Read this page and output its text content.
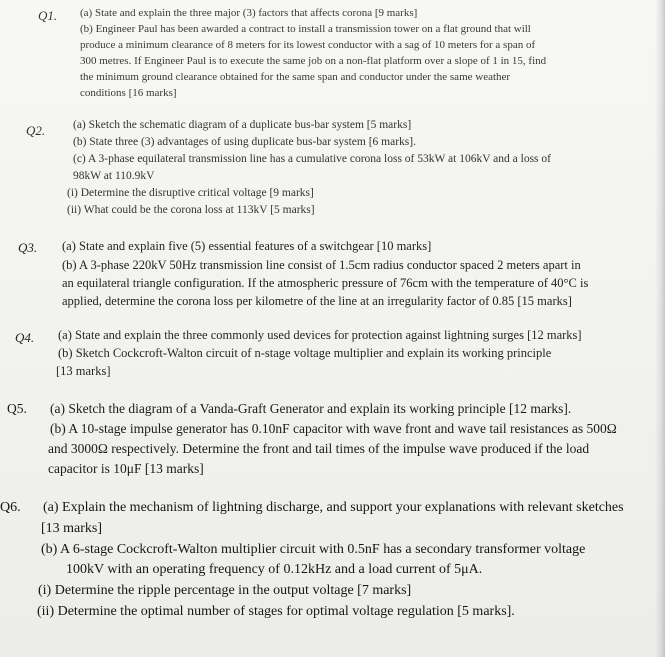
Q1. (a) State and explain the three major (3) factors that affects corona [9 marks]
(b) Engineer Paul has been awarded a contract to install a transmission tower on a flat ground that will
produce a minimum clearance of 8 meters for its lowest conductor with a sag of 10 meters for a span of
300 metres. If Engineer Paul is to execute the same job on a non-flat platform over a slope of 1 in 15, find
the minimum ground clearance obtained for the same span and conductor under the same weather
conditions [16 marks]
Q2. (a) Sketch the schematic diagram of a duplicate bus-bar system [5 marks]
(b) State three (3) advantages of using duplicate bus-bar system [6 marks].
(c) A 3-phase equilateral transmission line has a cumulative corona loss of 53kW at 106kV and a loss of
98kW at 110.9kV
(i) Determine the disruptive critical voltage [9 marks]
(ii) What could be the corona loss at 113kV [5 marks]
Q3. (a) State and explain five (5) essential features of a switchgear [10 marks]
(b) A 3-phase 220kV 50Hz transmission line consist of 1.5cm radius conductor spaced 2 meters apart in
an equilateral triangle configuration. If the atmospheric pressure of 76cm with the temperature of 40°C is
applied, determine the corona loss per kilometre of the line at an irregularity factor of 0.85 [15 marks]
Q4. (a) State and explain the three commonly used devices for protection against lightning surges [12 marks]
(b) Sketch Cockcroft-Walton circuit of n-stage voltage multiplier and explain its working principle
[13 marks]
Q5. (a) Sketch the diagram of a Vanda-Graft Generator and explain its working principle [12 marks].
(b) A 10-stage impulse generator has 0.10nF capacitor with wave front and wave tail resistances as 500Ω
and 3000Ω respectively. Determine the front and tail times of the impulse wave produced if the load
capacitor is 10μF [13 marks]
Q6. (a) Explain the mechanism of lightning discharge, and support your explanations with relevant sketches
[13 marks]
(b) A 6-stage Cockcroft-Walton multiplier circuit with 0.5nF has a secondary transformer voltage
100kV with an operating frequency of 0.12kHz and a load current of 5μA.
(i) Determine the ripple percentage in the output voltage [7 marks]
(ii) Determine the optimal number of stages for optimal voltage regulation [5 marks].
